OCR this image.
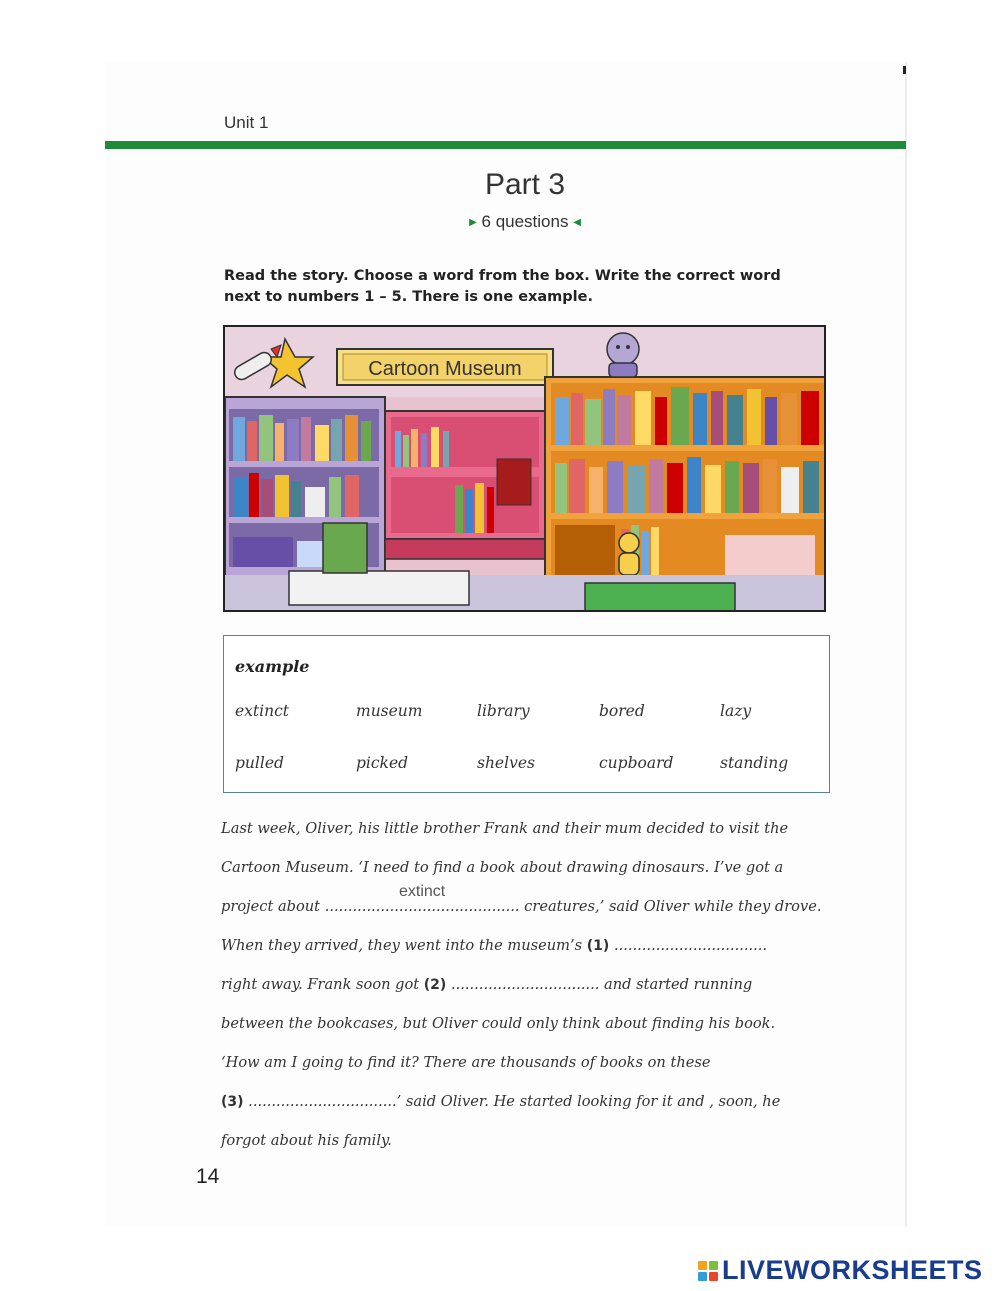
Unit 1
Part 3
▶ 6 questions ◀
Read the story. Choose a word from the box. Write the correct word
next to numbers 1 – 5. There is one example.
Cartoon Museum
example
extinct	museum	library	bored	lazy
pulled	picked	shelves	cupboard	standing
Last week, Oliver, his little brother Frank and their mum decided to visit the
Cartoon Museum. ‘I need to find a book about drawing dinosaurs. I’ve got a
project about
extinct
.......................................... creatures,’ said Oliver while they drove.
When they arrived, they went into the museum’s (1) .................................
right away. Frank soon got (2) ................................ and started running
between the bookcases, but Oliver could only think about finding his book.
‘How am I going to find it? There are thousands of books on these
(3) ................................’ said Oliver. He started looking for it and , soon, he
forgot about his family.
14
LIVEWORKSHEETS
